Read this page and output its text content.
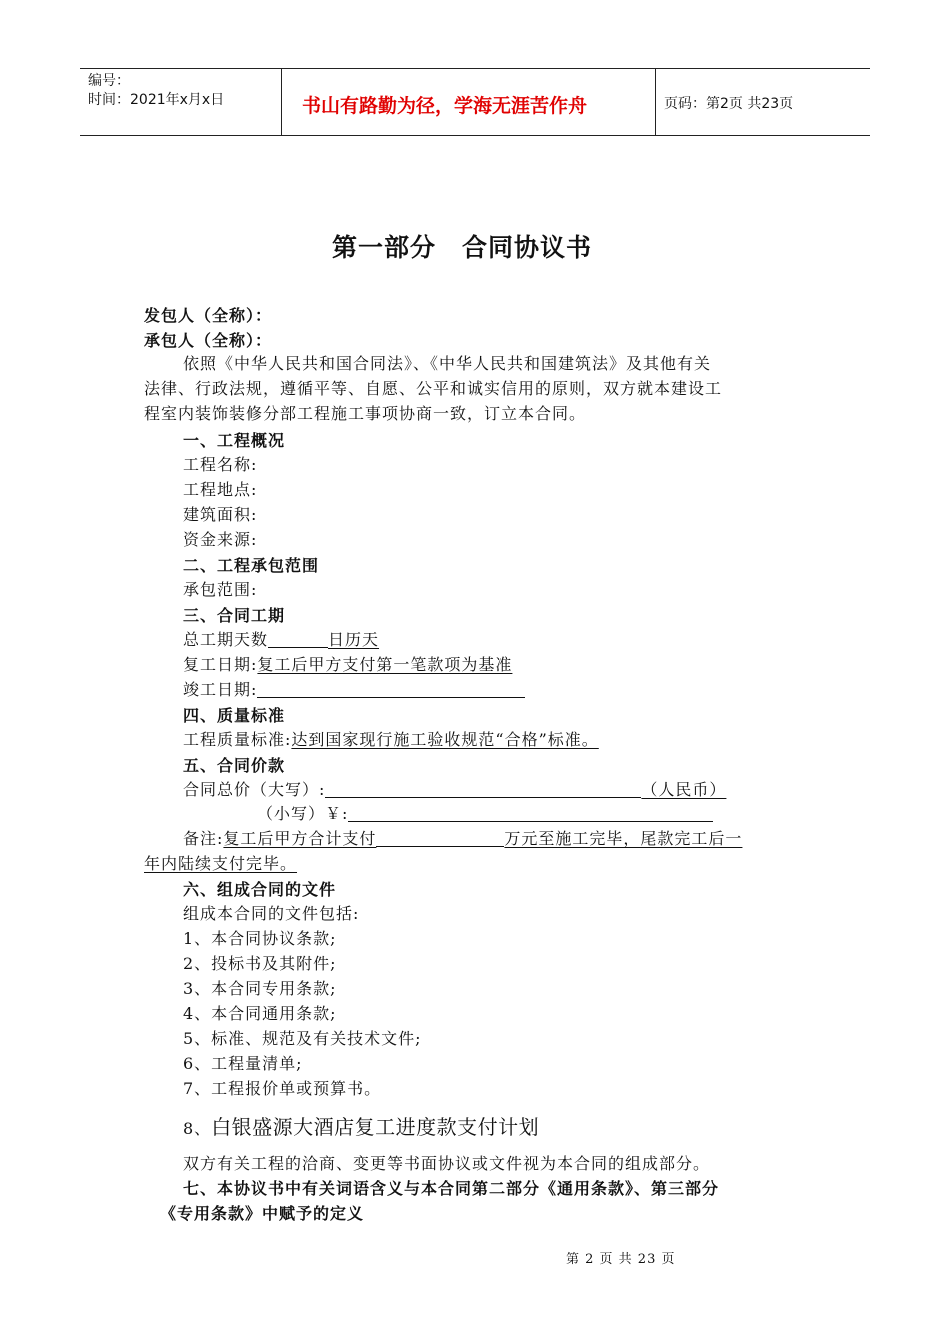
编号：
时间：2021年x月x日	书山有路勤为径，学海无涯苦作舟	页码：第2页 共23页
第一部分　合同协议书
发包人（全称）：
承包人（全称）：
依照《中华人民共和国合同法》、《中华人民共和国建筑法》及其他有关
法律、行政法规，遵循平等、自愿、公平和诚实信用的原则，双方就本建设工
程室内装饰装修分部工程施工事项协商一致，订立本合同。
一、工程概况
工程名称:
工程地点:
建筑面积:
资金来源:
二、工程承包范围
承包范围:
三、合同工期
总工期天数	日历天
复工日期:复工后甲方支付第一笔款项为基准
竣工日期:
四、质量标准
工程质量标准:达到国家现行施工验收规范“合格”标准。
五、合同价款
合同总价（大写）:	（人民币）
（小写）￥:
备注:复工后甲方合计支付	万元至施工完毕，尾款完工后一
年内陆续支付完毕。
六、组成合同的文件
组成本合同的文件包括:
1、本合同协议条款;
2、投标书及其附件;
3、本合同专用条款;
4、本合同通用条款;
5、标准、规范及有关技术文件;
6、工程量清单;
7、工程报价单或预算书。
8、白银盛源大酒店复工进度款支付计划
双方有关工程的洽商、变更等书面协议或文件视为本合同的组成部分。
七、本协议书中有关词语含义与本合同第二部分《通用条款》、第三部分
《专用条款》中赋予的定义
第 2 页 共 23 页
